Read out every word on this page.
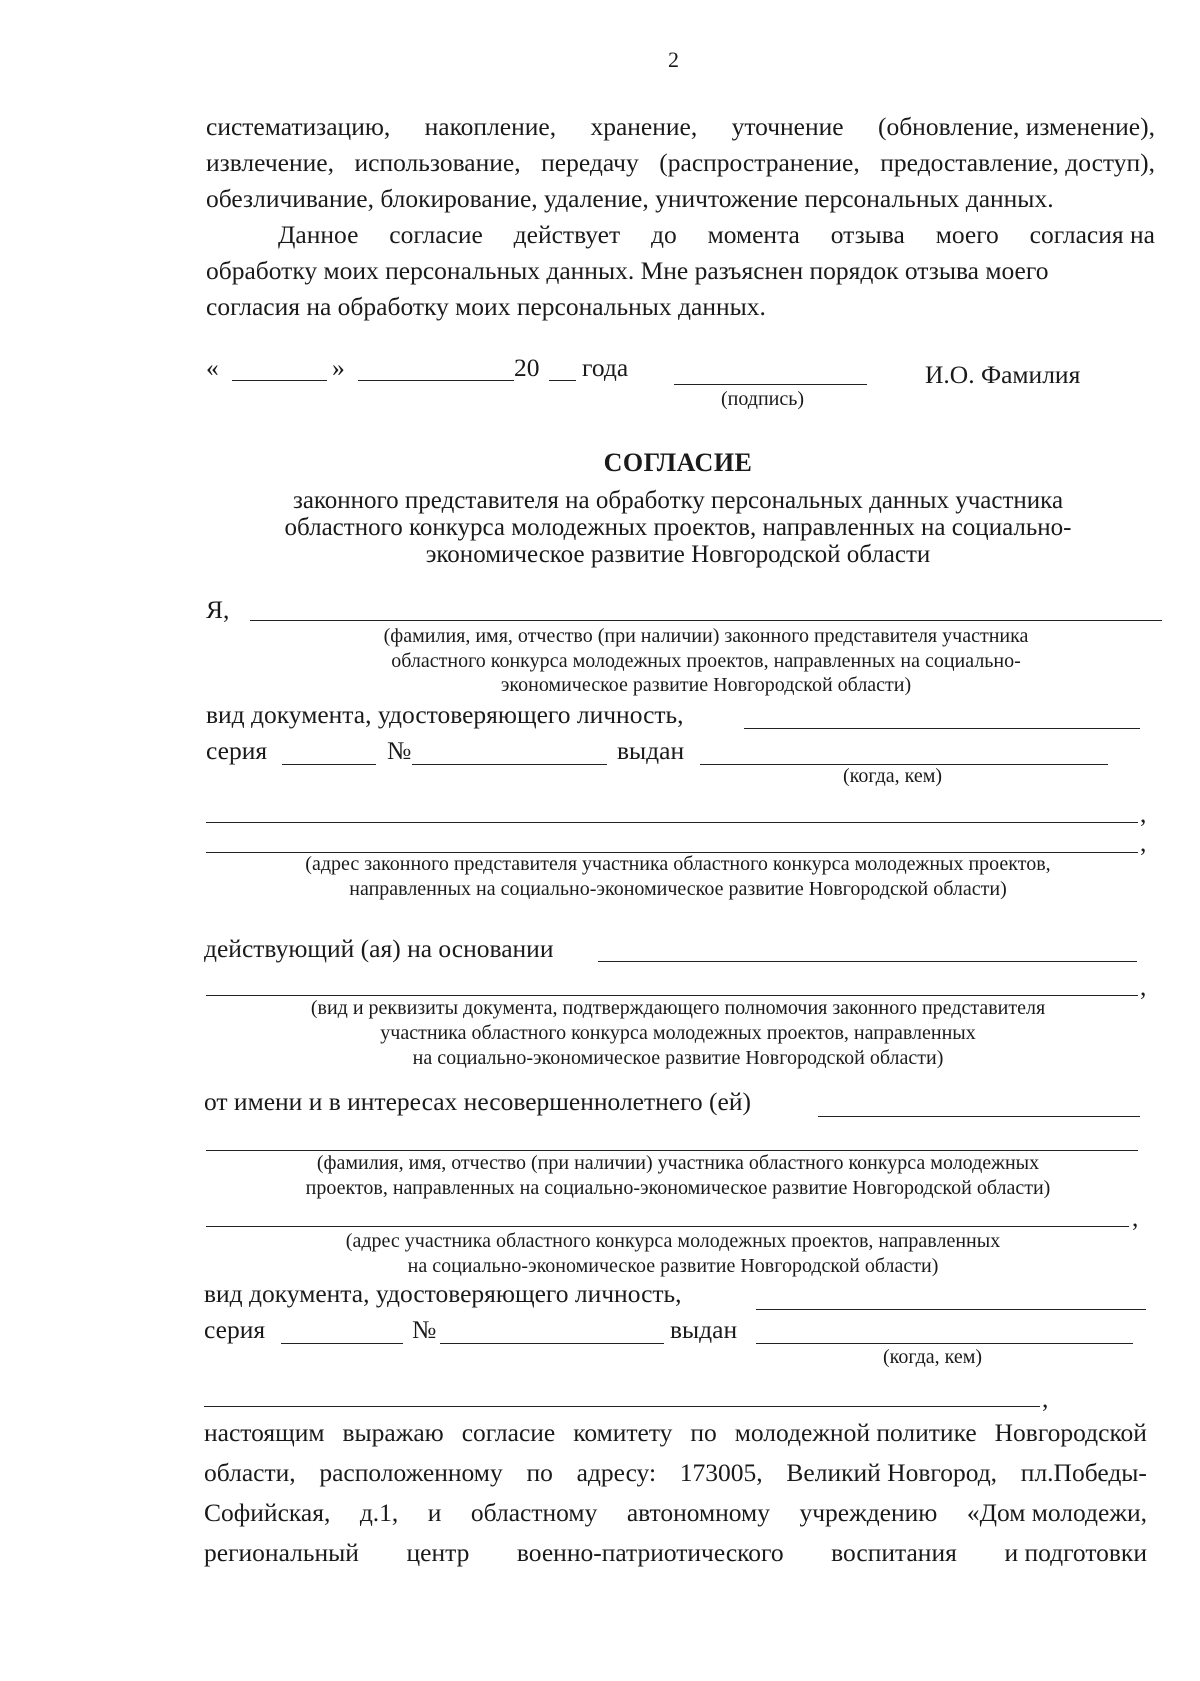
2
систематизацию, накопление, хранение, уточнение (обновление, изменение),
извлечение, использование, передачу (распространение, предоставление, доступ),
обезличивание, блокирование, удаление, уничтожение персональных данных.
Данное согласие действует до момента отзыва моего согласия на
обработку моих персональных данных. Мне разъяснен порядок отзыва моего
согласия на обработку моих персональных данных.
«	»	20 года
(подпись)
И.О. Фамилия
СОГЛАСИЕ
законного представителя на обработку персональных данных участника
областного конкурса молодежных проектов, направленных на социально-
экономическое развитие Новгородской области
Я,
(фамилия, имя, отчество (при наличии) законного представителя участника
областного конкурса молодежных проектов, направленных на социально-
экономическое развитие Новгородской области)
вид документа, удостоверяющего личность,
серия	№	выдан
(когда, кем)
,
,
(адрес законного представителя участника областного конкурса молодежных проектов,
направленных на социально-экономическое развитие Новгородской области)
действующий (ая) на основании
,
(вид и реквизиты документа, подтверждающего полномочия законного представителя
участника областного конкурса молодежных проектов, направленных
на социально-экономическое развитие Новгородской области)
от имени и в интересах несовершеннолетнего (ей)
(фамилия, имя, отчество (при наличии) участника областного конкурса молодежных
проектов, направленных на социально-экономическое развитие Новгородской области)
,
(адрес участника областного конкурса молодежных проектов, направленных
на социально-экономическое развитие Новгородской области)
вид документа, удостоверяющего личность,
серия	№	выдан
(когда, кем)
,
настоящим выражаю согласие комитету по молодежной политике Новгородской
области, расположенному по адресу: 173005, Великий Новгород, пл.Победы-
Софийская, д.1, и областному автономному учреждению «Дом молодежи,
региональный центр военно-патриотического воспитания и подготовки
